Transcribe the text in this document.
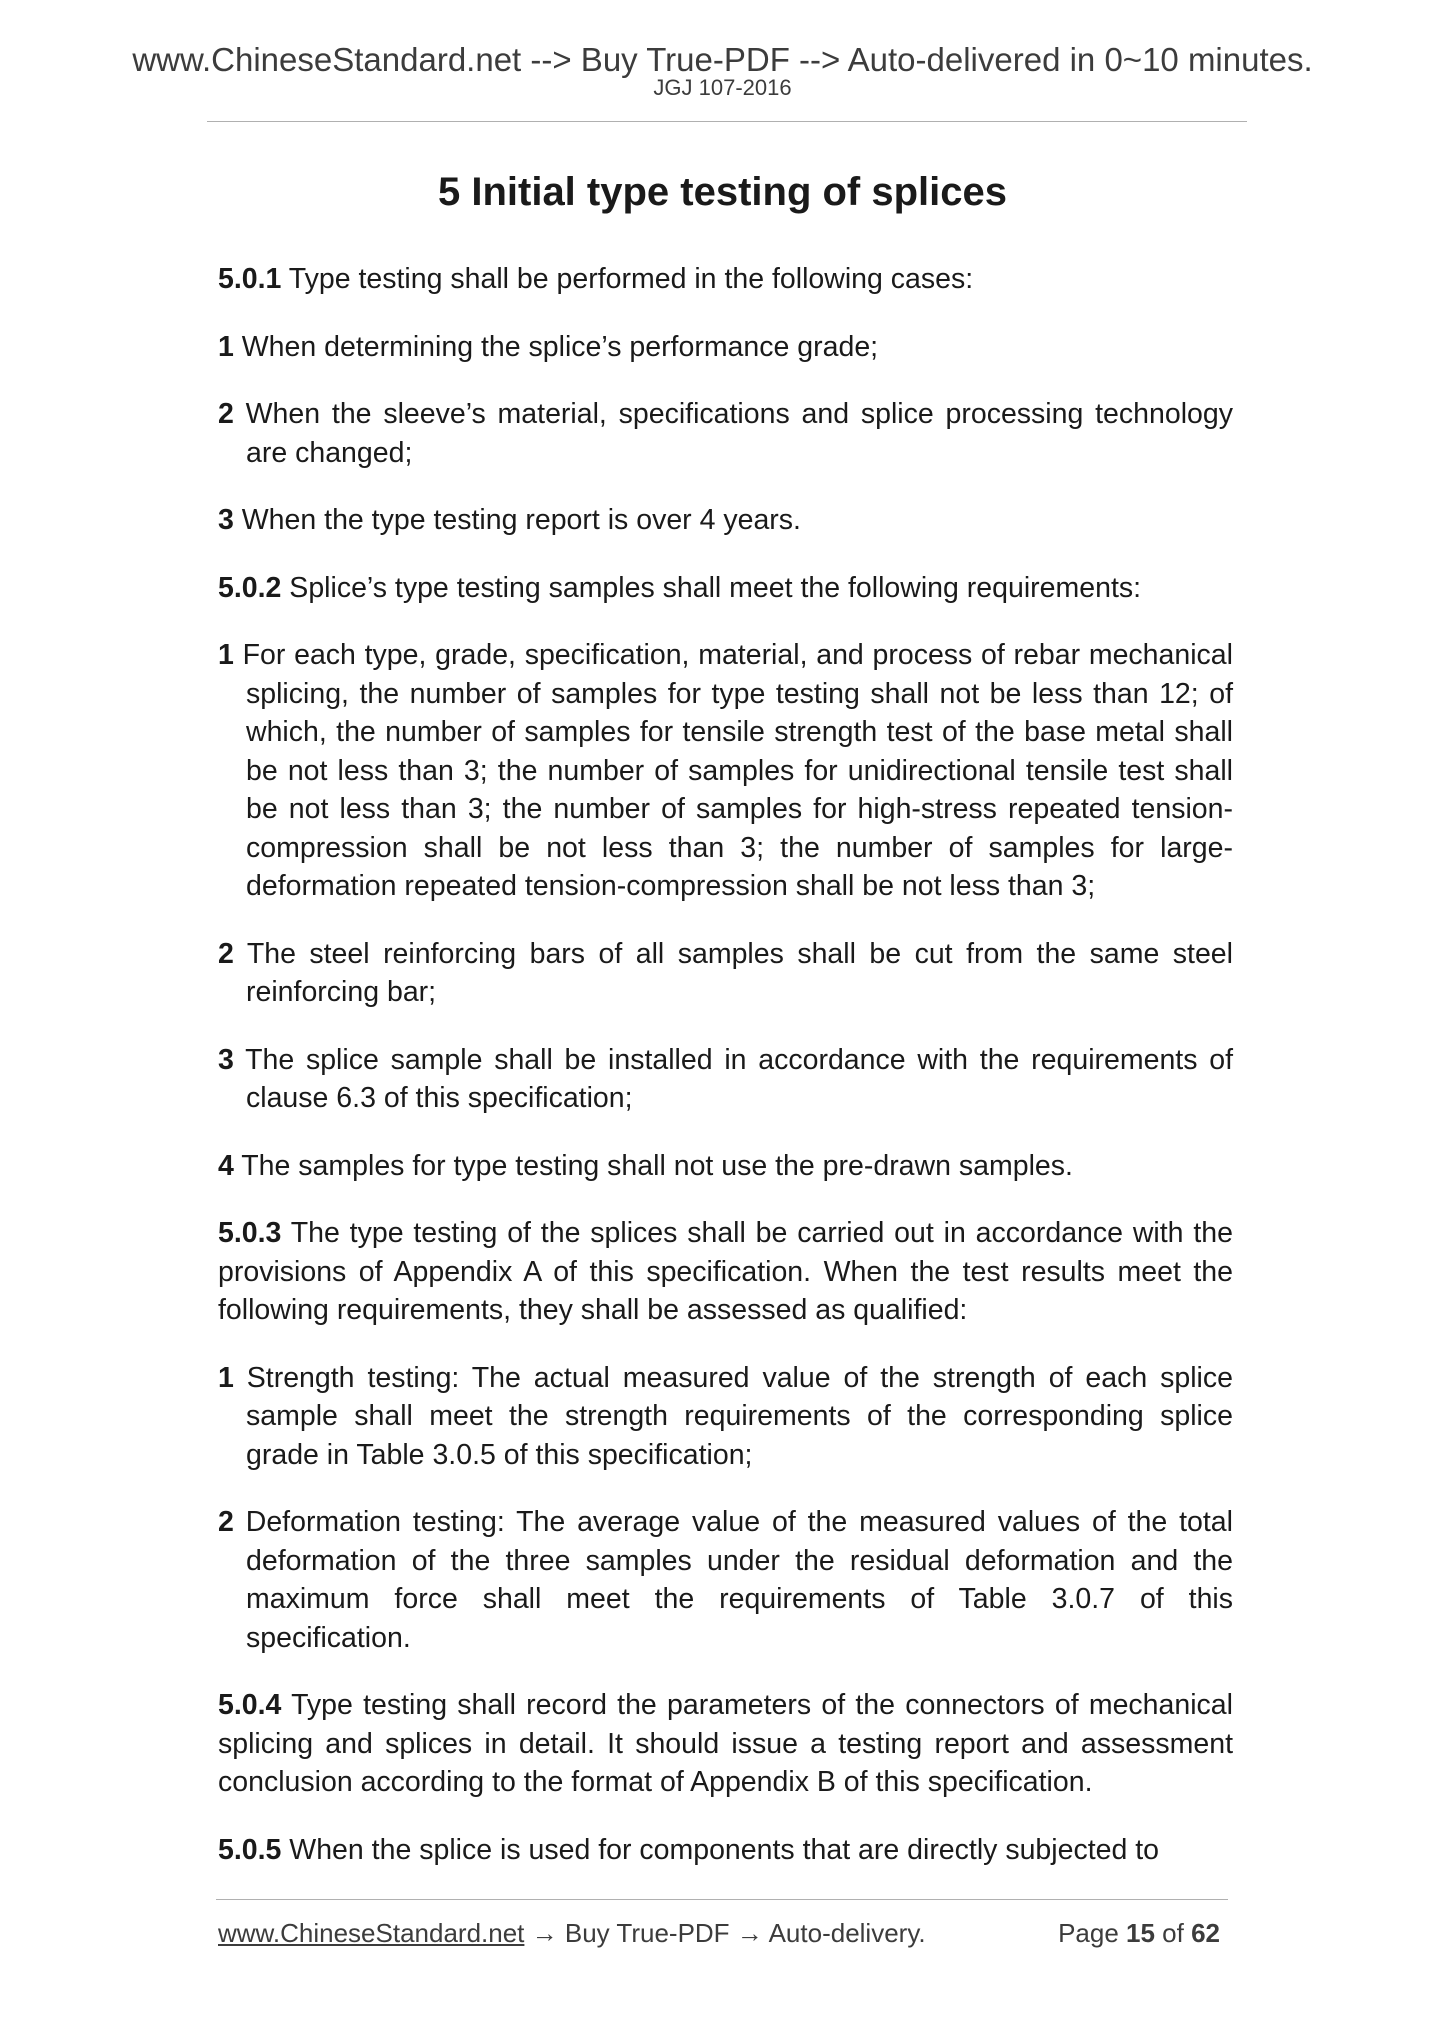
www.ChineseStandard.net --> Buy True-PDF --> Auto-delivered in 0~10 minutes.
JGJ 107-2016
5 Initial type testing of splices

5.0.1 Type testing shall be performed in the following cases:

1 When determining the splice’s performance grade;

2 When the sleeve’s material, specifications and splice processing technology are changed;

3 When the type testing report is over 4 years.

5.0.2 Splice’s type testing samples shall meet the following requirements:

1 For each type, grade, specification, material, and process of rebar mechanical splicing, the number of samples for type testing shall not be less than 12; of which, the number of samples for tensile strength test of the base metal shall be not less than 3; the number of samples for unidirectional tensile test shall be not less than 3; the number of samples for high-stress repeated tension-compression shall be not less than 3; the number of samples for large-deformation repeated tension-compression shall be not less than 3;

2 The steel reinforcing bars of all samples shall be cut from the same steel reinforcing bar;

3 The splice sample shall be installed in accordance with the requirements of clause 6.3 of this specification;

4 The samples for type testing shall not use the pre-drawn samples.

5.0.3 The type testing of the splices shall be carried out in accordance with the provisions of Appendix A of this specification. When the test results meet the following requirements, they shall be assessed as qualified:

1 Strength testing: The actual measured value of the strength of each splice sample shall meet the strength requirements of the corresponding splice grade in Table 3.0.5 of this specification;

2 Deformation testing: The average value of the measured values of the total deformation of the three samples under the residual deformation and the maximum force shall meet the requirements of Table 3.0.7 of this specification.

5.0.4 Type testing shall record the parameters of the connectors of mechanical splicing and splices in detail. It should issue a testing report and assessment conclusion according to the format of Appendix B of this specification.

5.0.5 When the splice is used for components that are directly subjected to

www.ChineseStandard.net → Buy True-PDF → Auto-delivery.	Page 15 of 62
